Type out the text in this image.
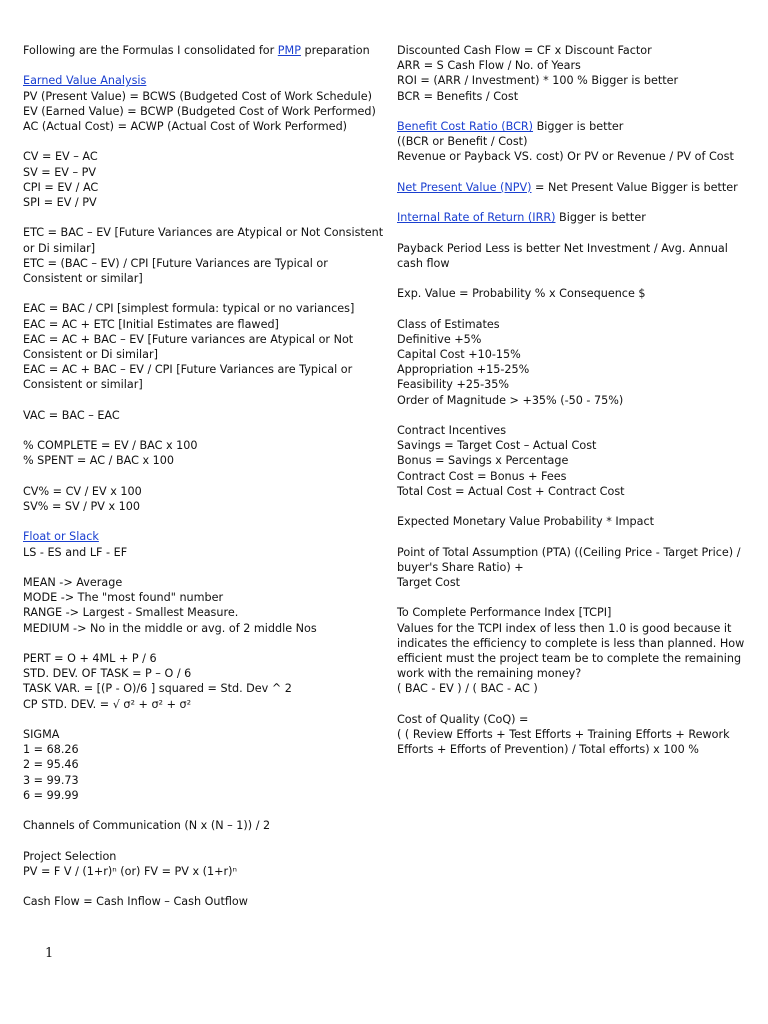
Following are the Formulas I consolidated for PMP preparation
Earned Value Analysis
PV (Present Value) = BCWS (Budgeted Cost of Work Schedule)
EV (Earned Value) = BCWP (Budgeted Cost of Work Performed)
AC (Actual Cost) = ACWP (Actual Cost of Work Performed)
CV = EV – AC
SV = EV – PV
CPI = EV / AC
SPI = EV / PV
ETC = BAC – EV [Future Variances are Atypical or Not Consistent or Di similar]
ETC = (BAC – EV) / CPI [Future Variances are Typical or Consistent or similar]
EAC = BAC / CPI [simplest formula: typical or no variances]
EAC = AC + ETC [Initial Estimates are flawed]
EAC = AC + BAC – EV [Future variances are Atypical or Not Consistent or Di similar]
EAC = AC + BAC – EV / CPI [Future Variances are Typical or Consistent or similar]
VAC = BAC – EAC
% COMPLETE = EV / BAC x 100
% SPENT = AC / BAC x 100
CV% = CV / EV x 100
SV% = SV / PV x 100
Float or Slack
LS - ES and LF - EF
MEAN -> Average
MODE -> The "most found" number
RANGE -> Largest - Smallest Measure.
MEDIUM -> No in the middle or avg. of 2 middle Nos
PERT = O + 4ML + P / 6
STD. DEV. OF TASK = P – O / 6
TASK VAR. = [(P - O)/6 ] squared = Std. Dev ^ 2
CP STD. DEV. = √ σ² + σ² + σ²
SIGMA
1 = 68.26
2 = 95.46
3 = 99.73
6 = 99.99
Channels of Communication (N x (N – 1)) / 2
Project Selection
PV = F V / (1+r)ⁿ (or) FV = PV x (1+r)ⁿ
Cash Flow = Cash Inflow – Cash Outflow
Discounted Cash Flow = CF x Discount Factor
ARR = S Cash Flow / No. of Years
ROI = (ARR / Investment) * 100 % Bigger is better
BCR = Benefits / Cost
Benefit Cost Ratio (BCR) Bigger is better
((BCR or Benefit / Cost)
Revenue or Payback VS. cost) Or PV or Revenue / PV of Cost
Net Present Value (NPV) = Net Present Value Bigger is better
Internal Rate of Return (IRR) Bigger is better
Payback Period Less is better Net Investment / Avg. Annual cash flow
Exp. Value = Probability % x Consequence $
Class of Estimates
Definitive +5%
Capital Cost +10-15%
Appropriation +15-25%
Feasibility +25-35%
Order of Magnitude > +35% (-50 - 75%)
Contract Incentives
Savings = Target Cost – Actual Cost
Bonus = Savings x Percentage
Contract Cost = Bonus + Fees
Total Cost = Actual Cost + Contract Cost
Expected Monetary Value Probability * Impact
Point of Total Assumption (PTA) ((Ceiling Price - Target Price) / buyer's Share Ratio) +
Target Cost
To Complete Performance Index [TCPI]
Values for the TCPI index of less then 1.0 is good because it indicates the efficiency to complete is less than planned. How efficient must the project team be to complete the remaining work with the remaining money?
( BAC - EV ) / ( BAC - AC )
Cost of Quality (CoQ) =
( ( Review Efforts + Test Efforts + Training Efforts + Rework Efforts + Efforts of Prevention) / Total efforts) x 100 %
1
